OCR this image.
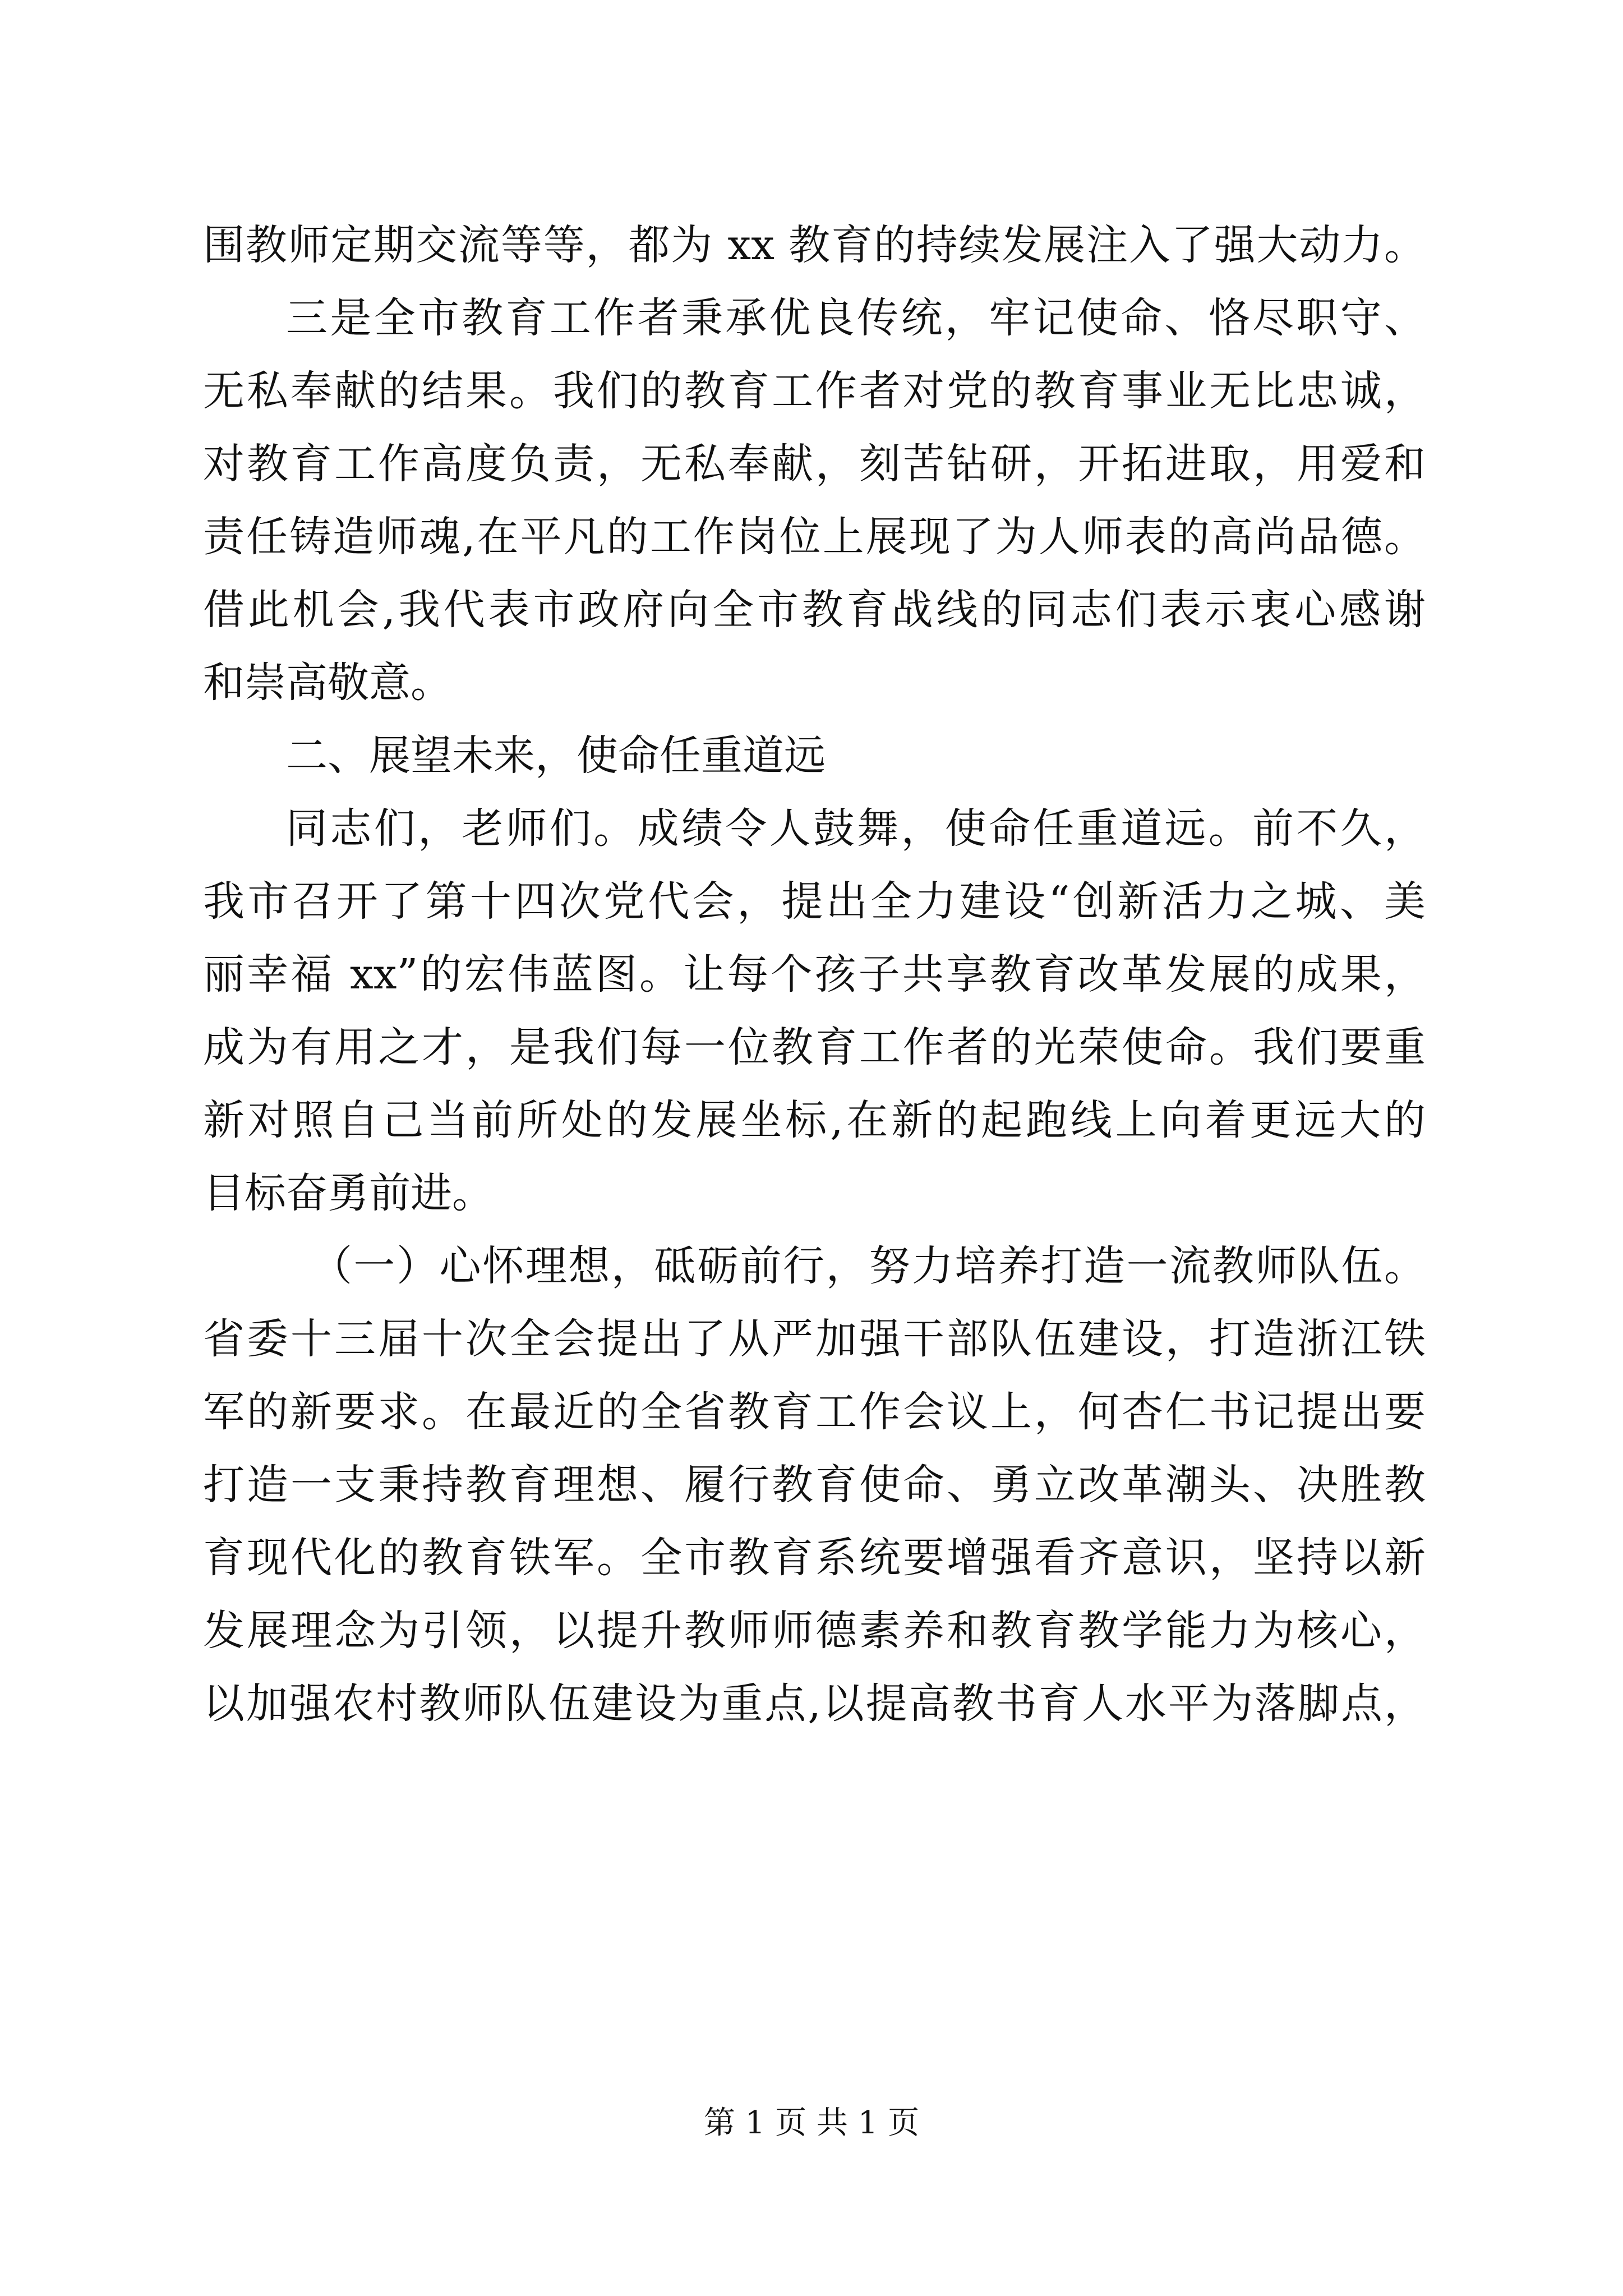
围教师定期交流等等，都为 xx 教育的持续发展注入了强大动力。
三是全市教育工作者秉承优良传统，牢记使命、恪尽职守、
无私奉献的结果。我们的教育工作者对党的教育事业无比忠诚，
对教育工作高度负责，无私奉献，刻苦钻研，开拓进取，用爱和
责任铸造师魂,在平凡的工作岗位上展现了为人师表的高尚品德。
借此机会,我代表市政府向全市教育战线的同志们表示衷心感谢
和崇高敬意。
二、展望未来，使命任重道远
同志们，老师们。成绩令人鼓舞，使命任重道远。前不久，
我市召开了第十四次党代会，提出全力建设“创新活力之城、美
丽幸福 xx”的宏伟蓝图。让每个孩子共享教育改革发展的成果，
成为有用之才，是我们每一位教育工作者的光荣使命。我们要重
新对照自己当前所处的发展坐标,在新的起跑线上向着更远大的
目标奋勇前进。
（一）心怀理想，砥砺前行，努力培养打造一流教师队伍。
省委十三届十次全会提出了从严加强干部队伍建设，打造浙江铁
军的新要求。在最近的全省教育工作会议上，何杏仁书记提出要
打造一支秉持教育理想、履行教育使命、勇立改革潮头、决胜教
育现代化的教育铁军。全市教育系统要增强看齐意识，坚持以新
发展理念为引领，以提升教师师德素养和教育教学能力为核心，
以加强农村教师队伍建设为重点,以提高教书育人水平为落脚点，
第 1 页 共 1 页
